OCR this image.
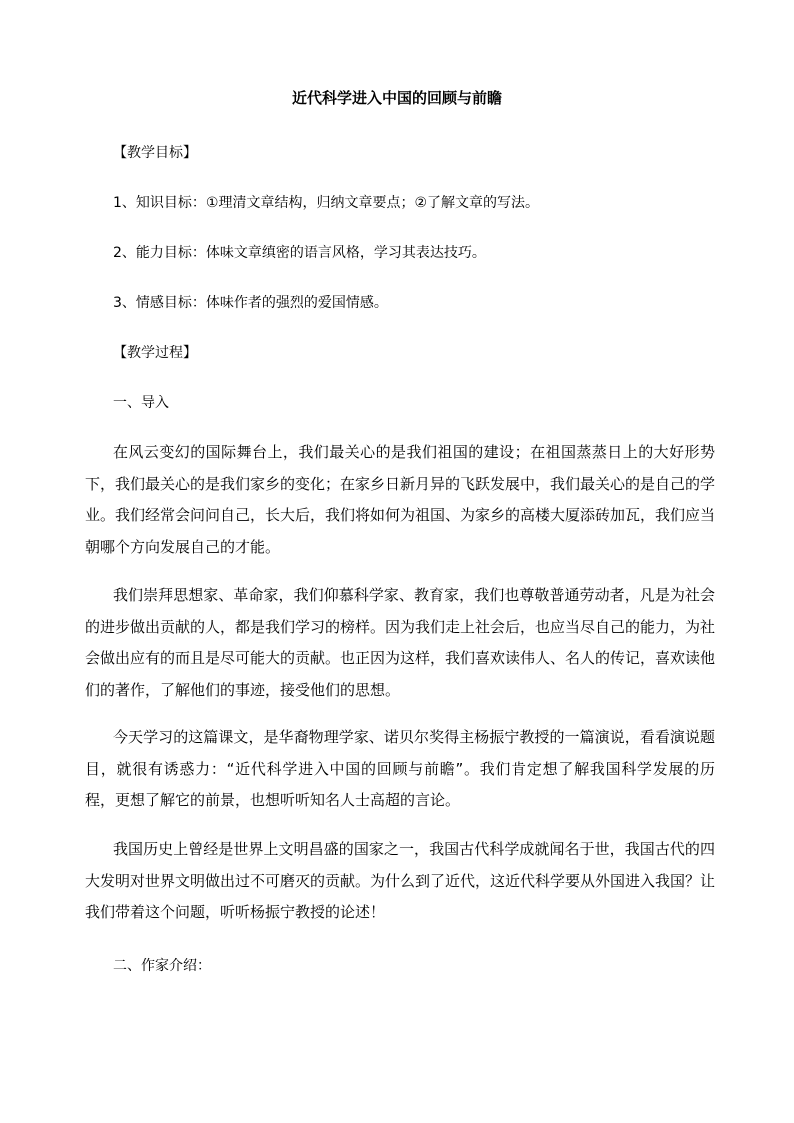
近代科学进入中国的回顾与前瞻
【教学目标】
1、知识目标：①理清文章结构，归纳文章要点；②了解文章的写法。
2、能力目标：体味文章缜密的语言风格，学习其表达技巧。
3、情感目标：体味作者的强烈的爱国情感。
【教学过程】
一、导入
在风云变幻的国际舞台上，我们最关心的是我们祖国的建设；在祖国蒸蒸日上的大好形势下，我们最关心的是我们家乡的变化；在家乡日新月异的飞跃发展中，我们最关心的是自己的学业。我们经常会问问自己，长大后，我们将如何为祖国、为家乡的高楼大厦添砖加瓦，我们应当朝哪个方向发展自己的才能。
我们崇拜思想家、革命家，我们仰慕科学家、教育家，我们也尊敬普通劳动者，凡是为社会的进步做出贡献的人，都是我们学习的榜样。因为我们走上社会后，也应当尽自己的能力，为社会做出应有的而且是尽可能大的贡献。也正因为这样，我们喜欢读伟人、名人的传记，喜欢读他们的著作，了解他们的事迹，接受他们的思想。
今天学习的这篇课文，是华裔物理学家、诺贝尔奖得主杨振宁教授的一篇演说，看看演说题目，就很有诱惑力：“近代科学进入中国的回顾与前瞻”。我们肯定想了解我国科学发展的历程，更想了解它的前景，也想听听知名人士高超的言论。
我国历史上曾经是世界上文明昌盛的国家之一，我国古代科学成就闻名于世，我国古代的四大发明对世界文明做出过不可磨灭的贡献。为什么到了近代，这近代科学要从外国进入我国？让我们带着这个问题，听听杨振宁教授的论述！
二、作家介绍：
